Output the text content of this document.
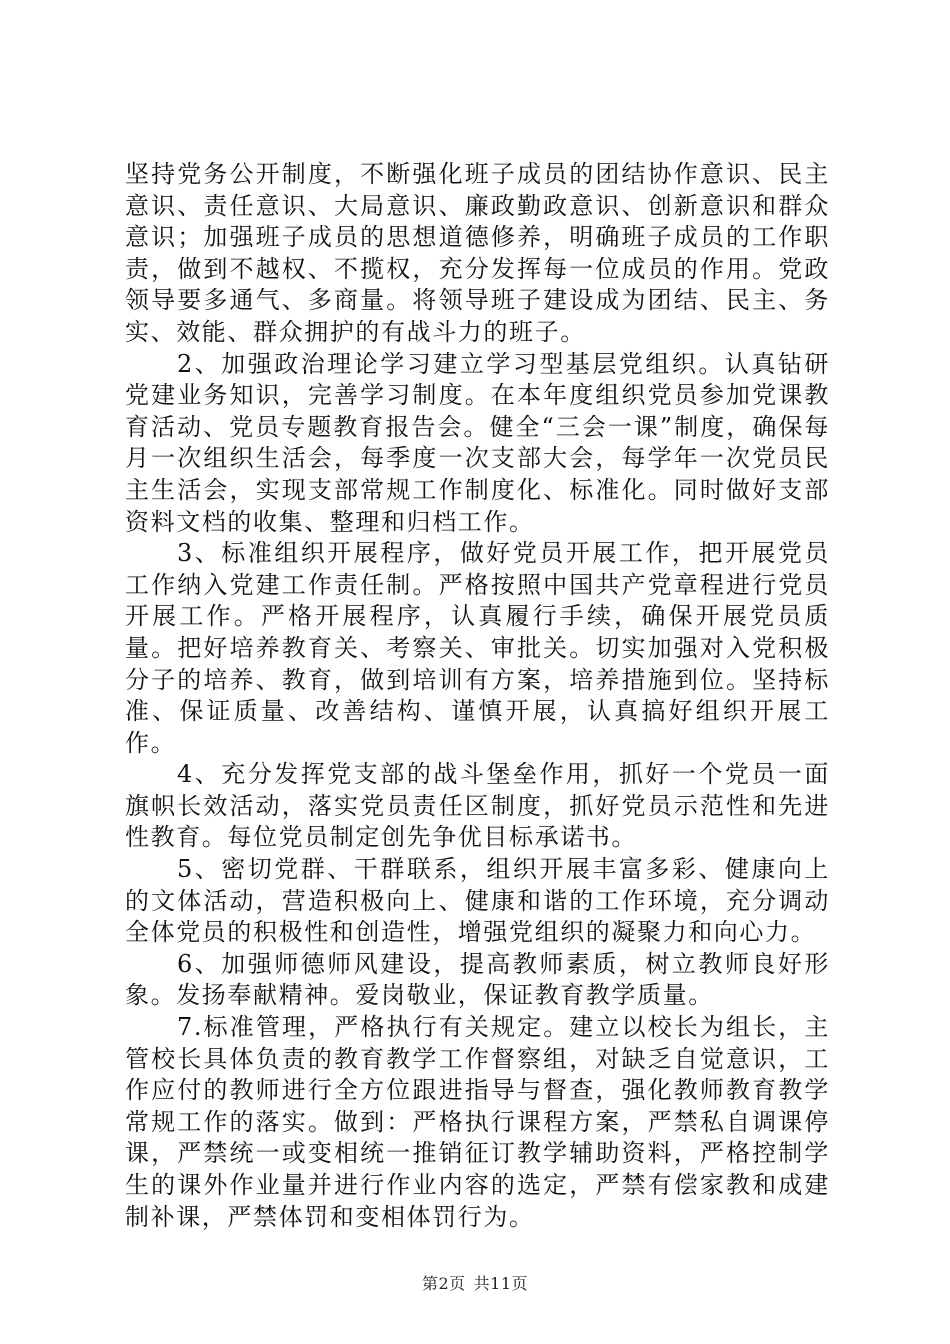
坚持党务公开制度，不断强化班子成员的团结协作意识、民主意识、责任意识、大局意识、廉政勤政意识、创新意识和群众意识；加强班子成员的思想道德修养，明确班子成员的工作职责，做到不越权、不揽权，充分发挥每一位成员的作用。党政领导要多通气、多商量。将领导班子建设成为团结、民主、务实、效能、群众拥护的有战斗力的班子。

2、加强政治理论学习建立学习型基层党组织。认真钻研党建业务知识，完善学习制度。在本年度组织党员参加党课教育活动、党员专题教育报告会。健全“三会一课”制度，确保每月一次组织生活会，每季度一次支部大会，每学年一次党员民主生活会，实现支部常规工作制度化、标准化。同时做好支部资料文档的收集、整理和归档工作。

3、标准组织开展程序，做好党员开展工作，把开展党员工作纳入党建工作责任制。严格按照中国共产党章程进行党员开展工作。严格开展程序，认真履行手续，确保开展党员质量。把好培养教育关、考察关、审批关。切实加强对入党积极分子的培养、教育，做到培训有方案，培养措施到位。坚持标准、保证质量、改善结构、谨慎开展，认真搞好组织开展工作。

4、充分发挥党支部的战斗堡垒作用，抓好一个党员一面旗帜长效活动，落实党员责任区制度，抓好党员示范性和先进性教育。每位党员制定创先争优目标承诺书。

5、密切党群、干群联系，组织开展丰富多彩、健康向上的文体活动，营造积极向上、健康和谐的工作环境，充分调动全体党员的积极性和创造性，增强党组织的凝聚力和向心力。

6、加强师德师风建设，提高教师素质，树立教师良好形象。发扬奉献精神。爱岗敬业，保证教育教学质量。

7.标准管理，严格执行有关规定。建立以校长为组长，主管校长具体负责的教育教学工作督察组，对缺乏自觉意识，工作应付的教师进行全方位跟进指导与督查，强化教师教育教学常规工作的落实。做到：严格执行课程方案，严禁私自调课停课，严禁统一或变相统一推销征订教学辅助资料，严格控制学生的课外作业量并进行作业内容的选定，严禁有偿家教和成建制补课，严禁体罚和变相体罚行为。

第2页 共11页
